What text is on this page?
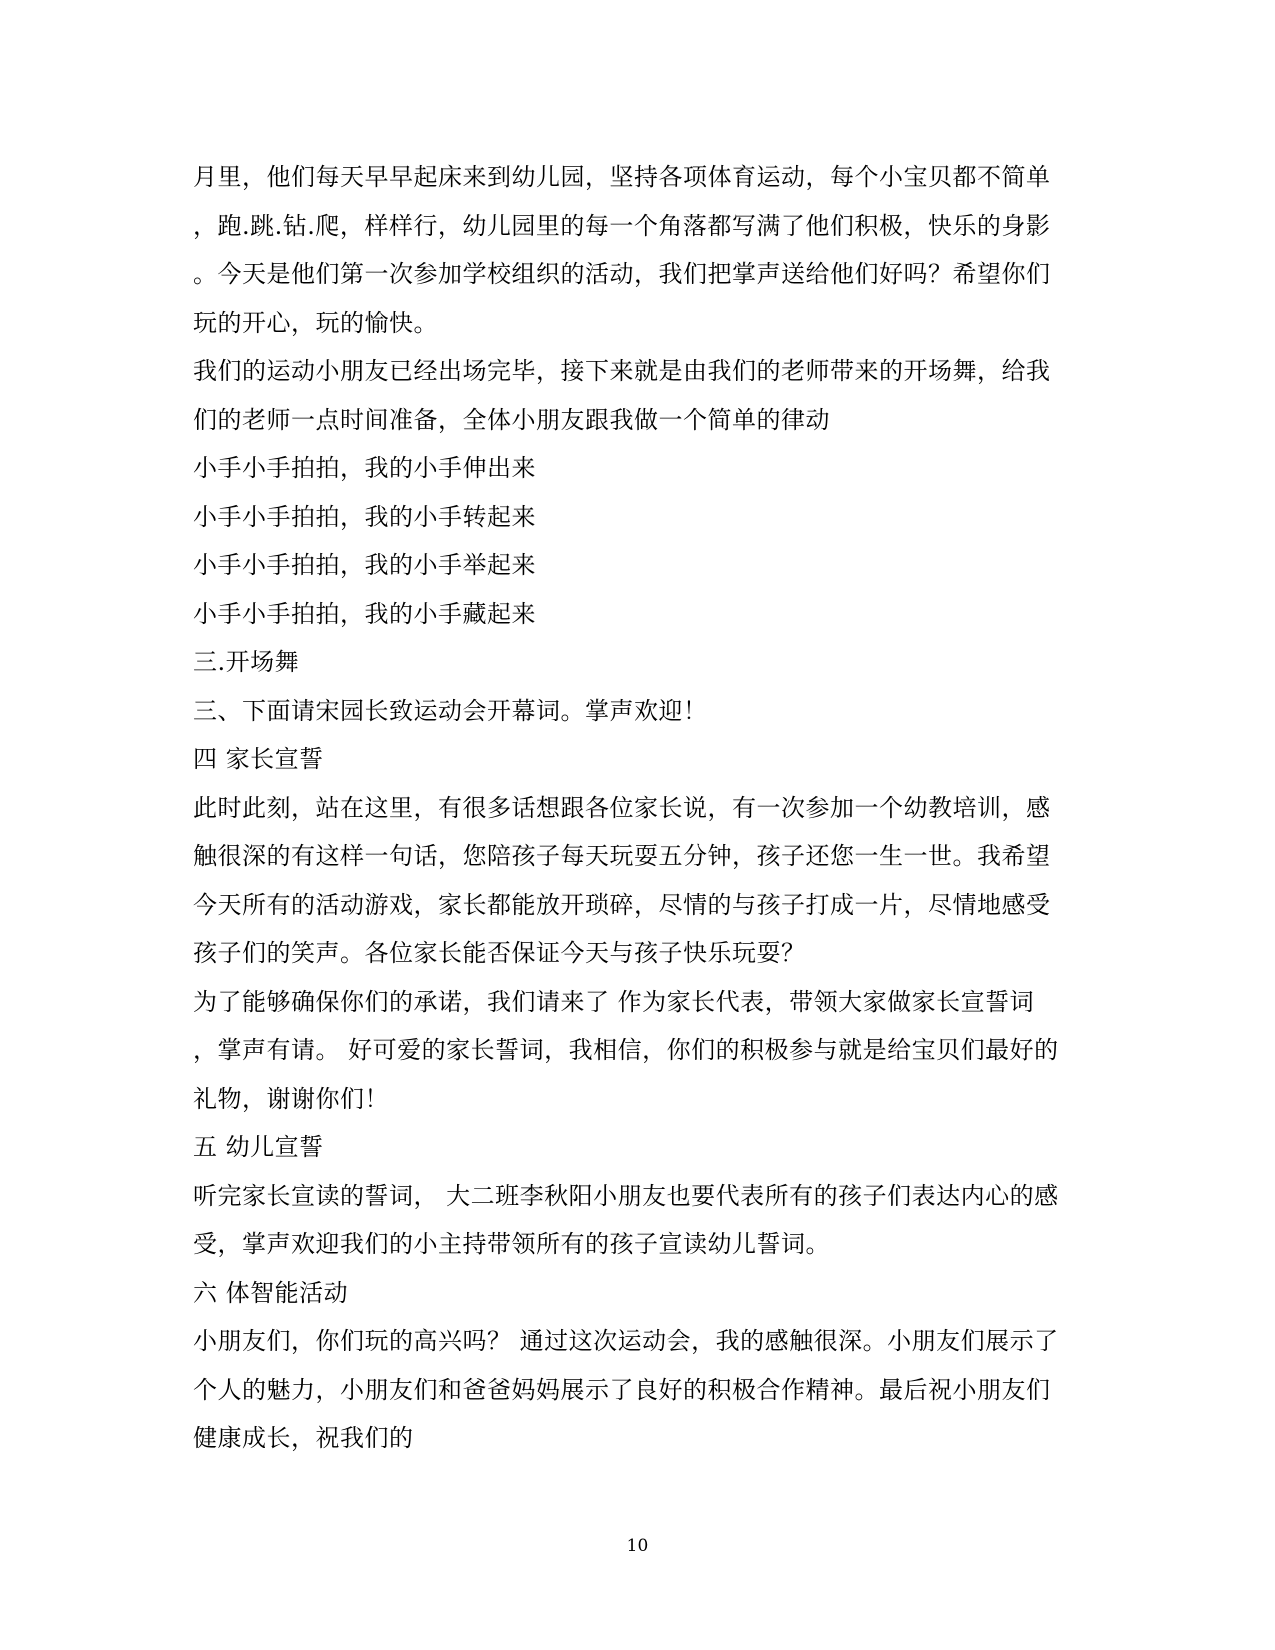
月里，他们每天早早起床来到幼儿园，坚持各项体育运动，每个小宝贝都不简单
，跑.跳.钻.爬，样样行，幼儿园里的每一个角落都写满了他们积极，快乐的身影
。今天是他们第一次参加学校组织的活动，我们把掌声送给他们好吗？希望你们
玩的开心，玩的愉快。
我们的运动小朋友已经出场完毕，接下来就是由我们的老师带来的开场舞，给我
们的老师一点时间准备，全体小朋友跟我做一个简单的律动
小手小手拍拍，我的小手伸出来
小手小手拍拍，我的小手转起来
小手小手拍拍，我的小手举起来
小手小手拍拍，我的小手藏起来
三.开场舞
三、下面请宋园长致运动会开幕词。掌声欢迎！
四 家长宣誓
此时此刻，站在这里，有很多话想跟各位家长说，有一次参加一个幼教培训，感
触很深的有这样一句话，您陪孩子每天玩耍五分钟，孩子还您一生一世。我希望
今天所有的活动游戏，家长都能放开琐碎，尽情的与孩子打成一片，尽情地感受
孩子们的笑声。各位家长能否保证今天与孩子快乐玩耍？
为了能够确保你们的承诺，我们请来了 作为家长代表，带领大家做家长宣誓词
，掌声有请。 好可爱的家长誓词，我相信，你们的积极参与就是给宝贝们最好的
礼物，谢谢你们！
五 幼儿宣誓
听完家长宣读的誓词， 大二班李秋阳小朋友也要代表所有的孩子们表达内心的感
受，掌声欢迎我们的小主持带领所有的孩子宣读幼儿誓词。
六 体智能活动
小朋友们，你们玩的高兴吗？ 通过这次运动会，我的感触很深。小朋友们展示了
个人的魅力，小朋友们和爸爸妈妈展示了良好的积极合作精神。最后祝小朋友们
健康成长，祝我们的
10
